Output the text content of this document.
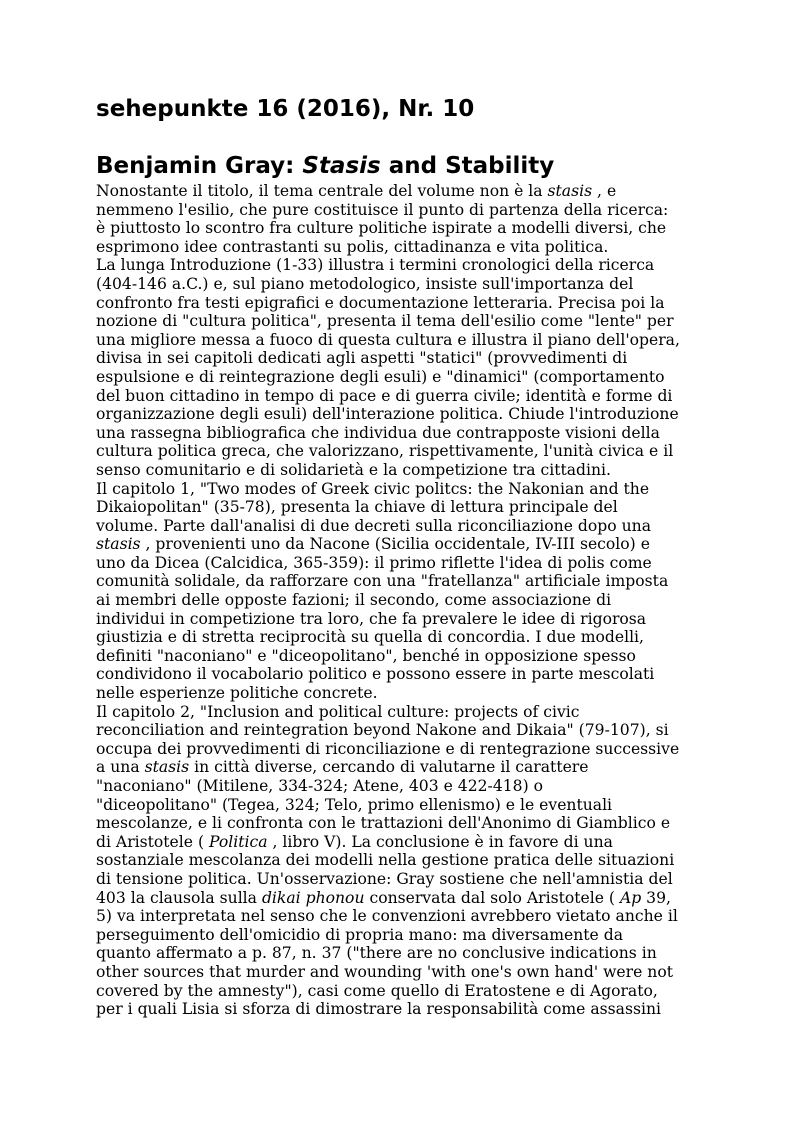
sehepunkte 16 (2016), Nr. 10
Benjamin Gray: Stasis and Stability

Nonostante il titolo, il tema centrale del volume non è la stasis , e
nemmeno l'esilio, che pure costituisce il punto di partenza della ricerca:
è piuttosto lo scontro fra culture politiche ispirate a modelli diversi, che
esprimono idee contrastanti su polis, cittadinanza e vita politica.

La lunga Introduzione (1-33) illustra i termini cronologici della ricerca
(404-146 a.C.) e, sul piano metodologico, insiste sull'importanza del
confronto fra testi epigrafici e documentazione letteraria. Precisa poi la
nozione di "cultura politica", presenta il tema dell'esilio come "lente" per
una migliore messa a fuoco di questa cultura e illustra il piano dell'opera,
divisa in sei capitoli dedicati agli aspetti "statici" (provvedimenti di
espulsione e di reintegrazione degli esuli) e "dinamici" (comportamento
del buon cittadino in tempo di pace e di guerra civile; identità e forme di
organizzazione degli esuli) dell'interazione politica. Chiude l'introduzione
una rassegna bibliografica che individua due contrapposte visioni della
cultura politica greca, che valorizzano, rispettivamente, l'unità civica e il
senso comunitario e di solidarietà e la competizione tra cittadini.

Il capitolo 1, "Two modes of Greek civic politcs: the Nakonian and the
Dikaiopolitan" (35-78), presenta la chiave di lettura principale del
volume. Parte dall'analisi di due decreti sulla riconciliazione dopo una
stasis , provenienti uno da Nacone (Sicilia occidentale, IV-III secolo) e
uno da Dicea (Calcidica, 365-359): il primo riflette l'idea di polis come
comunità solidale, da rafforzare con una "fratellanza" artificiale imposta
ai membri delle opposte fazioni; il secondo, come associazione di
individui in competizione tra loro, che fa prevalere le idee di rigorosa
giustizia e di stretta reciprocità su quella di concordia. I due modelli,
definiti "naconiano" e "diceopolitano", benché in opposizione spesso
condividono il vocabolario politico e possono essere in parte mescolati
nelle esperienze politiche concrete.

Il capitolo 2, "Inclusion and political culture: projects of civic
reconciliation and reintegration beyond Nakone and Dikaia" (79-107), si
occupa dei provvedimenti di riconciliazione e di rentegrazione successive
a una stasis in città diverse, cercando di valutarne il carattere
"naconiano" (Mitilene, 334-324; Atene, 403 e 422-418) o
"diceopolitano" (Tegea, 324; Telo, primo ellenismo) e le eventuali
mescolanze, e li confronta con le trattazioni dell'Anonimo di Giamblico e
di Aristotele ( Politica , libro V). La conclusione è in favore di una
sostanziale mescolanza dei modelli nella gestione pratica delle situazioni
di tensione politica. Un'osservazione: Gray sostiene che nell'amnistia del
403 la clausola sulla dikai phonou conservata dal solo Aristotele ( Ap 39,
5) va interpretata nel senso che le convenzioni avrebbero vietato anche il
perseguimento dell'omicidio di propria mano: ma diversamente da
quanto affermato a p. 87, n. 37 ("there are no conclusive indications in
other sources that murder and wounding 'with one's own hand' were not
covered by the amnesty"), casi come quello di Eratostene e di Agorato,
per i quali Lisia si sforza di dimostrare la responsabilità come assassini
